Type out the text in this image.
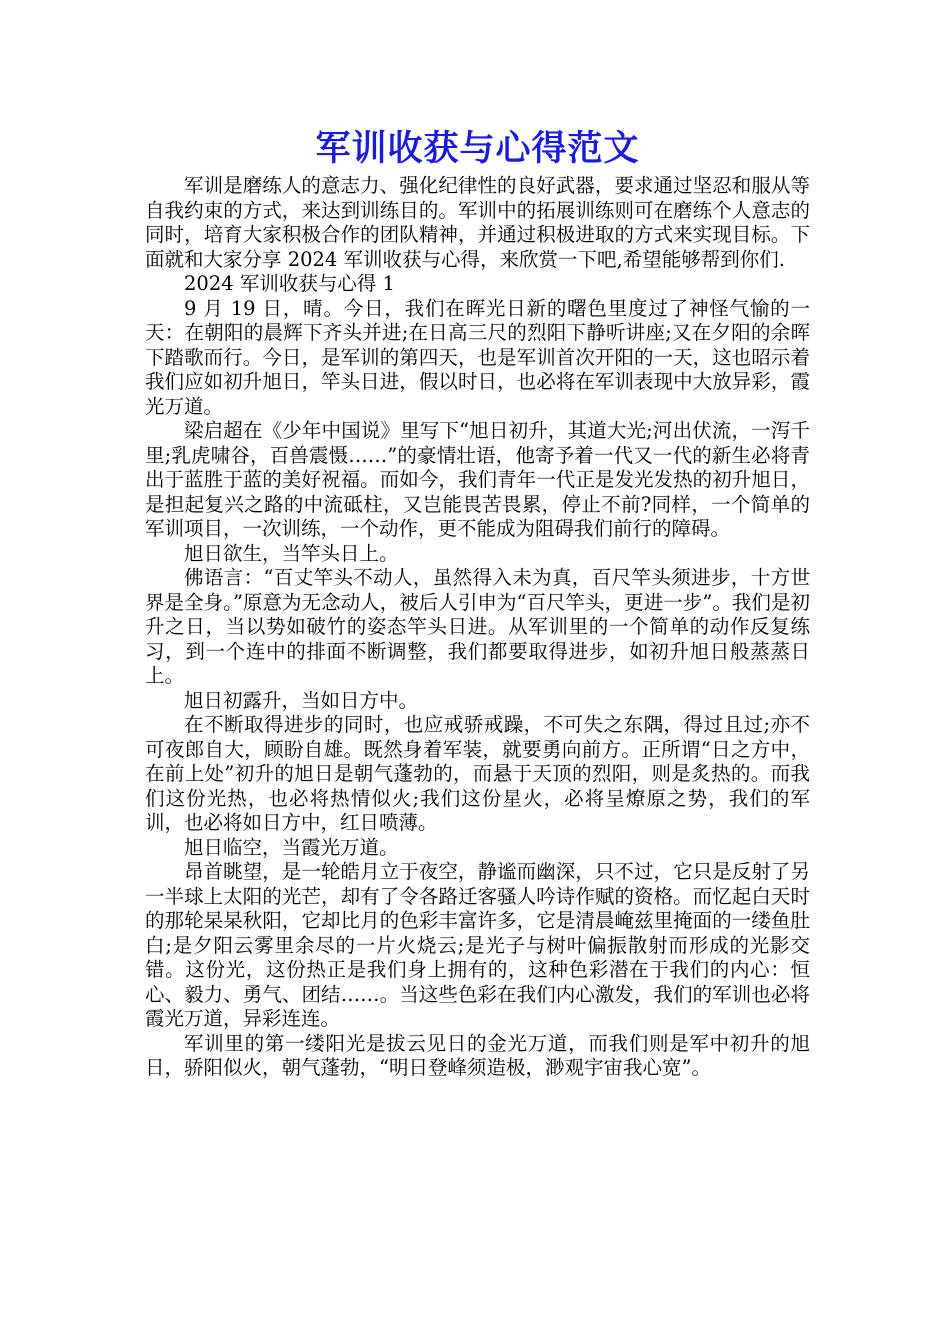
军训收获与心得范文

军训是磨练人的意志力、强化纪律性的良好武器，要求通过坚忍和服从等自我约束的方式，来达到训练目的。军训中的拓展训练则可在磨练个人意志的同时，培育大家积极合作的团队精神，并通过积极进取的方式来实现目标。下面就和大家分享 2024 军训收获与心得，来欣赏一下吧,希望能够帮到你们.

2024 军训收获与心得 1

9 月 19 日，晴。今日，我们在晖光日新的曙色里度过了神怪气愉的一天：在朝阳的晨辉下齐头并进;在日高三尺的烈阳下静听讲座;又在夕阳的余晖下踏歌而行。今日，是军训的第四天，也是军训首次开阳的一天，这也昭示着我们应如初升旭日，竿头日进，假以时日，也必将在军训表现中大放异彩，霞光万道。

梁启超在《少年中国说》里写下“旭日初升，其道大光;河出伏流，一泻千里;乳虎啸谷，百兽震慑……”的豪情壮语，他寄予着一代又一代的新生必将青出于蓝胜于蓝的美好祝福。而如今，我们青年一代正是发光发热的初升旭日，是担起复兴之路的中流砥柱，又岂能畏苦畏累，停止不前?同样，一个简单的军训项目，一次训练，一个动作，更不能成为阻碍我们前行的障碍。

旭日欲生，当竿头日上。

佛语言：“百丈竿头不动人，虽然得入未为真，百尺竿头须进步，十方世界是全身。”原意为无念动人，被后人引申为“百尺竿头，更进一步”。我们是初升之日，当以势如破竹的姿态竿头日进。从军训里的一个简单的动作反复练习，到一个连中的排面不断调整，我们都要取得进步，如初升旭日般蒸蒸日上。

旭日初露升，当如日方中。

在不断取得进步的同时，也应戒骄戒躁，不可失之东隅，得过且过;亦不可夜郎自大，顾盼自雄。既然身着军装，就要勇向前方。正所谓“日之方中，在前上处”初升的旭日是朝气蓬勃的，而悬于天顶的烈阳，则是炙热的。而我们这份光热，也必将热情似火;我们这份星火，必将呈燎原之势，我们的军训，也必将如日方中，红日喷薄。

旭日临空，当霞光万道。

昂首眺望，是一轮皓月立于夜空，静谧而幽深，只不过，它只是反射了另一半球上太阳的光芒，却有了令各路迁客骚人吟诗作赋的资格。而忆起白天时的那轮杲杲秋阳，它却比月的色彩丰富许多，它是清晨崦兹里掩面的一缕鱼肚白;是夕阳云雾里余尽的一片火烧云;是光子与树叶偏振散射而形成的光影交错。这份光，这份热正是我们身上拥有的，这种色彩潜在于我们的内心：恒心、毅力、勇气、团结……。当这些色彩在我们内心激发，我们的军训也必将霞光万道，异彩连连。

军训里的第一缕阳光是拔云见日的金光万道，而我们则是军中初升的旭日，骄阳似火，朝气蓬勃，“明日登峰须造极，渺观宇宙我心宽”。
